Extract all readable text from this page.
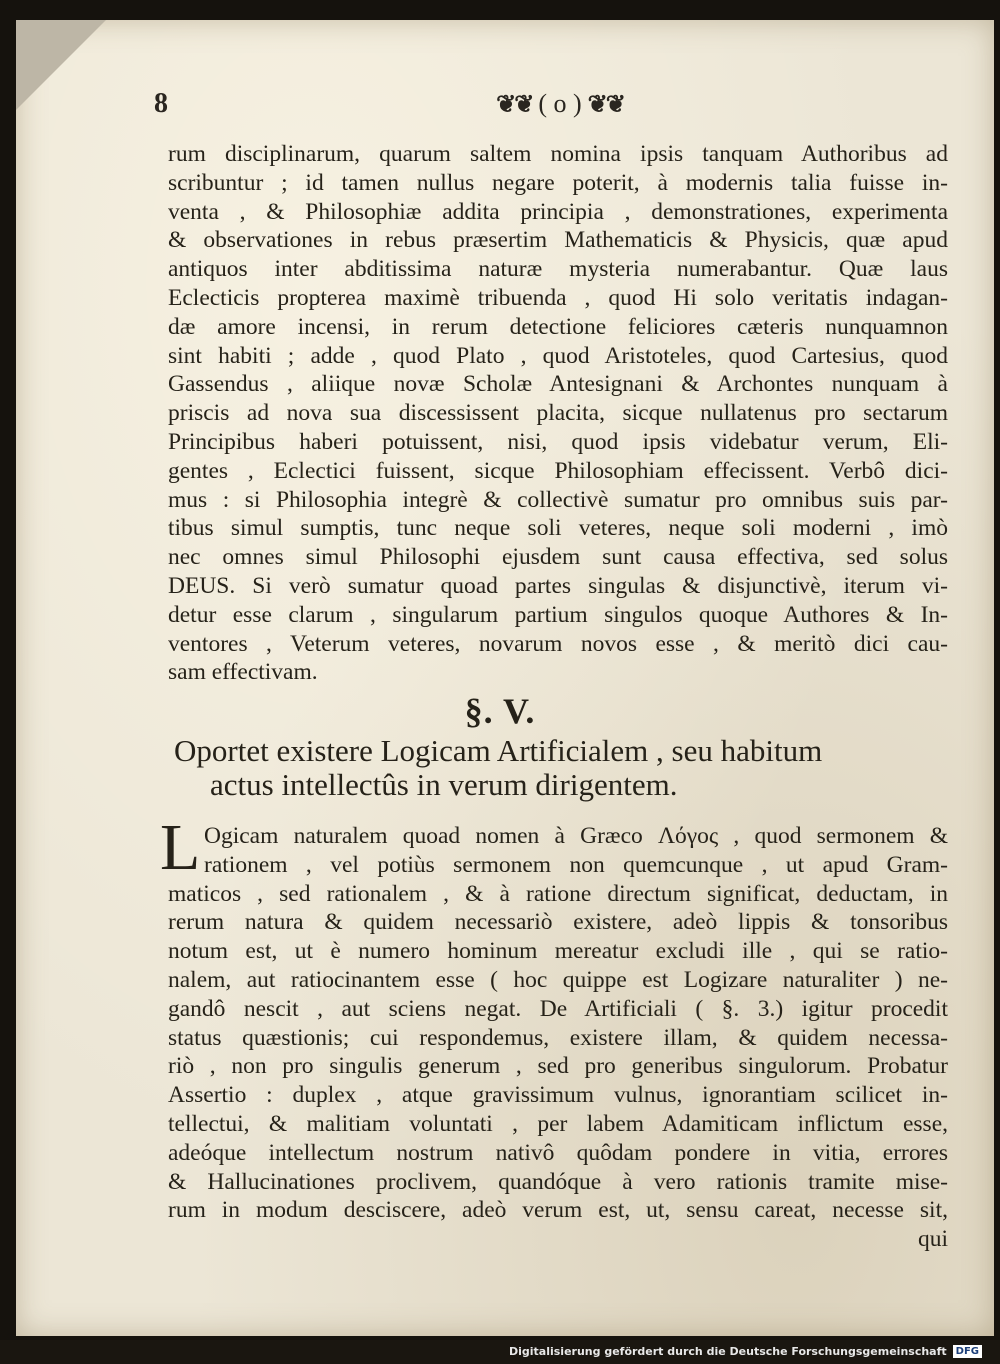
8	❦❦ ( o ) ❦❦
rum disciplinarum, quarum saltem nomina ipsis tanquam Authoribus ad
scribuntur ; id tamen nullus negare poterit, à modernis talia fuisse in-
venta , & Philosophiæ addita principia , demonstrationes, experimenta
& observationes in rebus præsertim Mathematicis & Physicis, quæ apud
antiquos inter abditissima naturæ mysteria numerabantur. Quæ laus
Eclecticis propterea maximè tribuenda , quod Hi solo veritatis indagan-
dæ amore incensi, in rerum detectione feliciores cæteris nunquamnon
sint habiti ; adde , quod Plato , quod Aristoteles, quod Cartesius, quod
Gassendus , aliique novæ Scholæ Antesignani & Archontes nunquam à
priscis ad nova sua discessissent placita, sicque nullatenus pro sectarum
Principibus haberi potuissent, nisi, quod ipsis videbatur verum, Eli-
gentes , Eclectici fuissent, sicque Philosophiam effecissent. Verbô dici-
mus : si Philosophia integrè & collectivè sumatur pro omnibus suis par-
tibus simul sumptis, tunc neque soli veteres, neque soli moderni , imò
nec omnes simul Philosophi ejusdem sunt causa effectiva, sed solus
DEUS. Si verò sumatur quoad partes singulas & disjunctivè, iterum vi-
detur esse clarum , singularum partium singulos quoque Authores & In-
ventores , Veterum veteres, novarum novos esse , & meritò dici cau-
sam effectivam.
§. V.
Oportet existere Logicam Artificialem , seu habitum
actus intellectûs in verum dirigentem.
L Ogicam naturalem quoad nomen à Græco Λόγος , quod sermonem &
rationem , vel potiùs sermonem non quemcunque , ut apud Gram-
maticos , sed rationalem , & à ratione directum significat, deductam, in
rerum natura & quidem necessariò existere, adeò lippis & tonsoribus
notum est, ut è numero hominum mereatur excludi ille , qui se ratio-
nalem, aut ratiocinantem esse ( hoc quippe est Logizare naturaliter ) ne-
gandô nescit , aut sciens negat. De Artificiali ( §. 3.) igitur procedit
status quæstionis; cui respondemus, existere illam, & quidem necessa-
riò , non pro singulis generum , sed pro generibus singulorum. Probatur
Assertio : duplex , atque gravissimum vulnus, ignorantiam scilicet in-
tellectui, & malitiam voluntati , per labem Adamiticam inflictum esse,
adeóque intellectum nostrum nativô quôdam pondere in vitia, errores
& Hallucinationes proclivem, quandóque à vero rationis tramite mise-
rum in modum desciscere, adeò verum est, ut, sensu careat, necesse sit,
qui
Digitalisierung gefördert durch die Deutsche Forschungsgemeinschaft DFG
